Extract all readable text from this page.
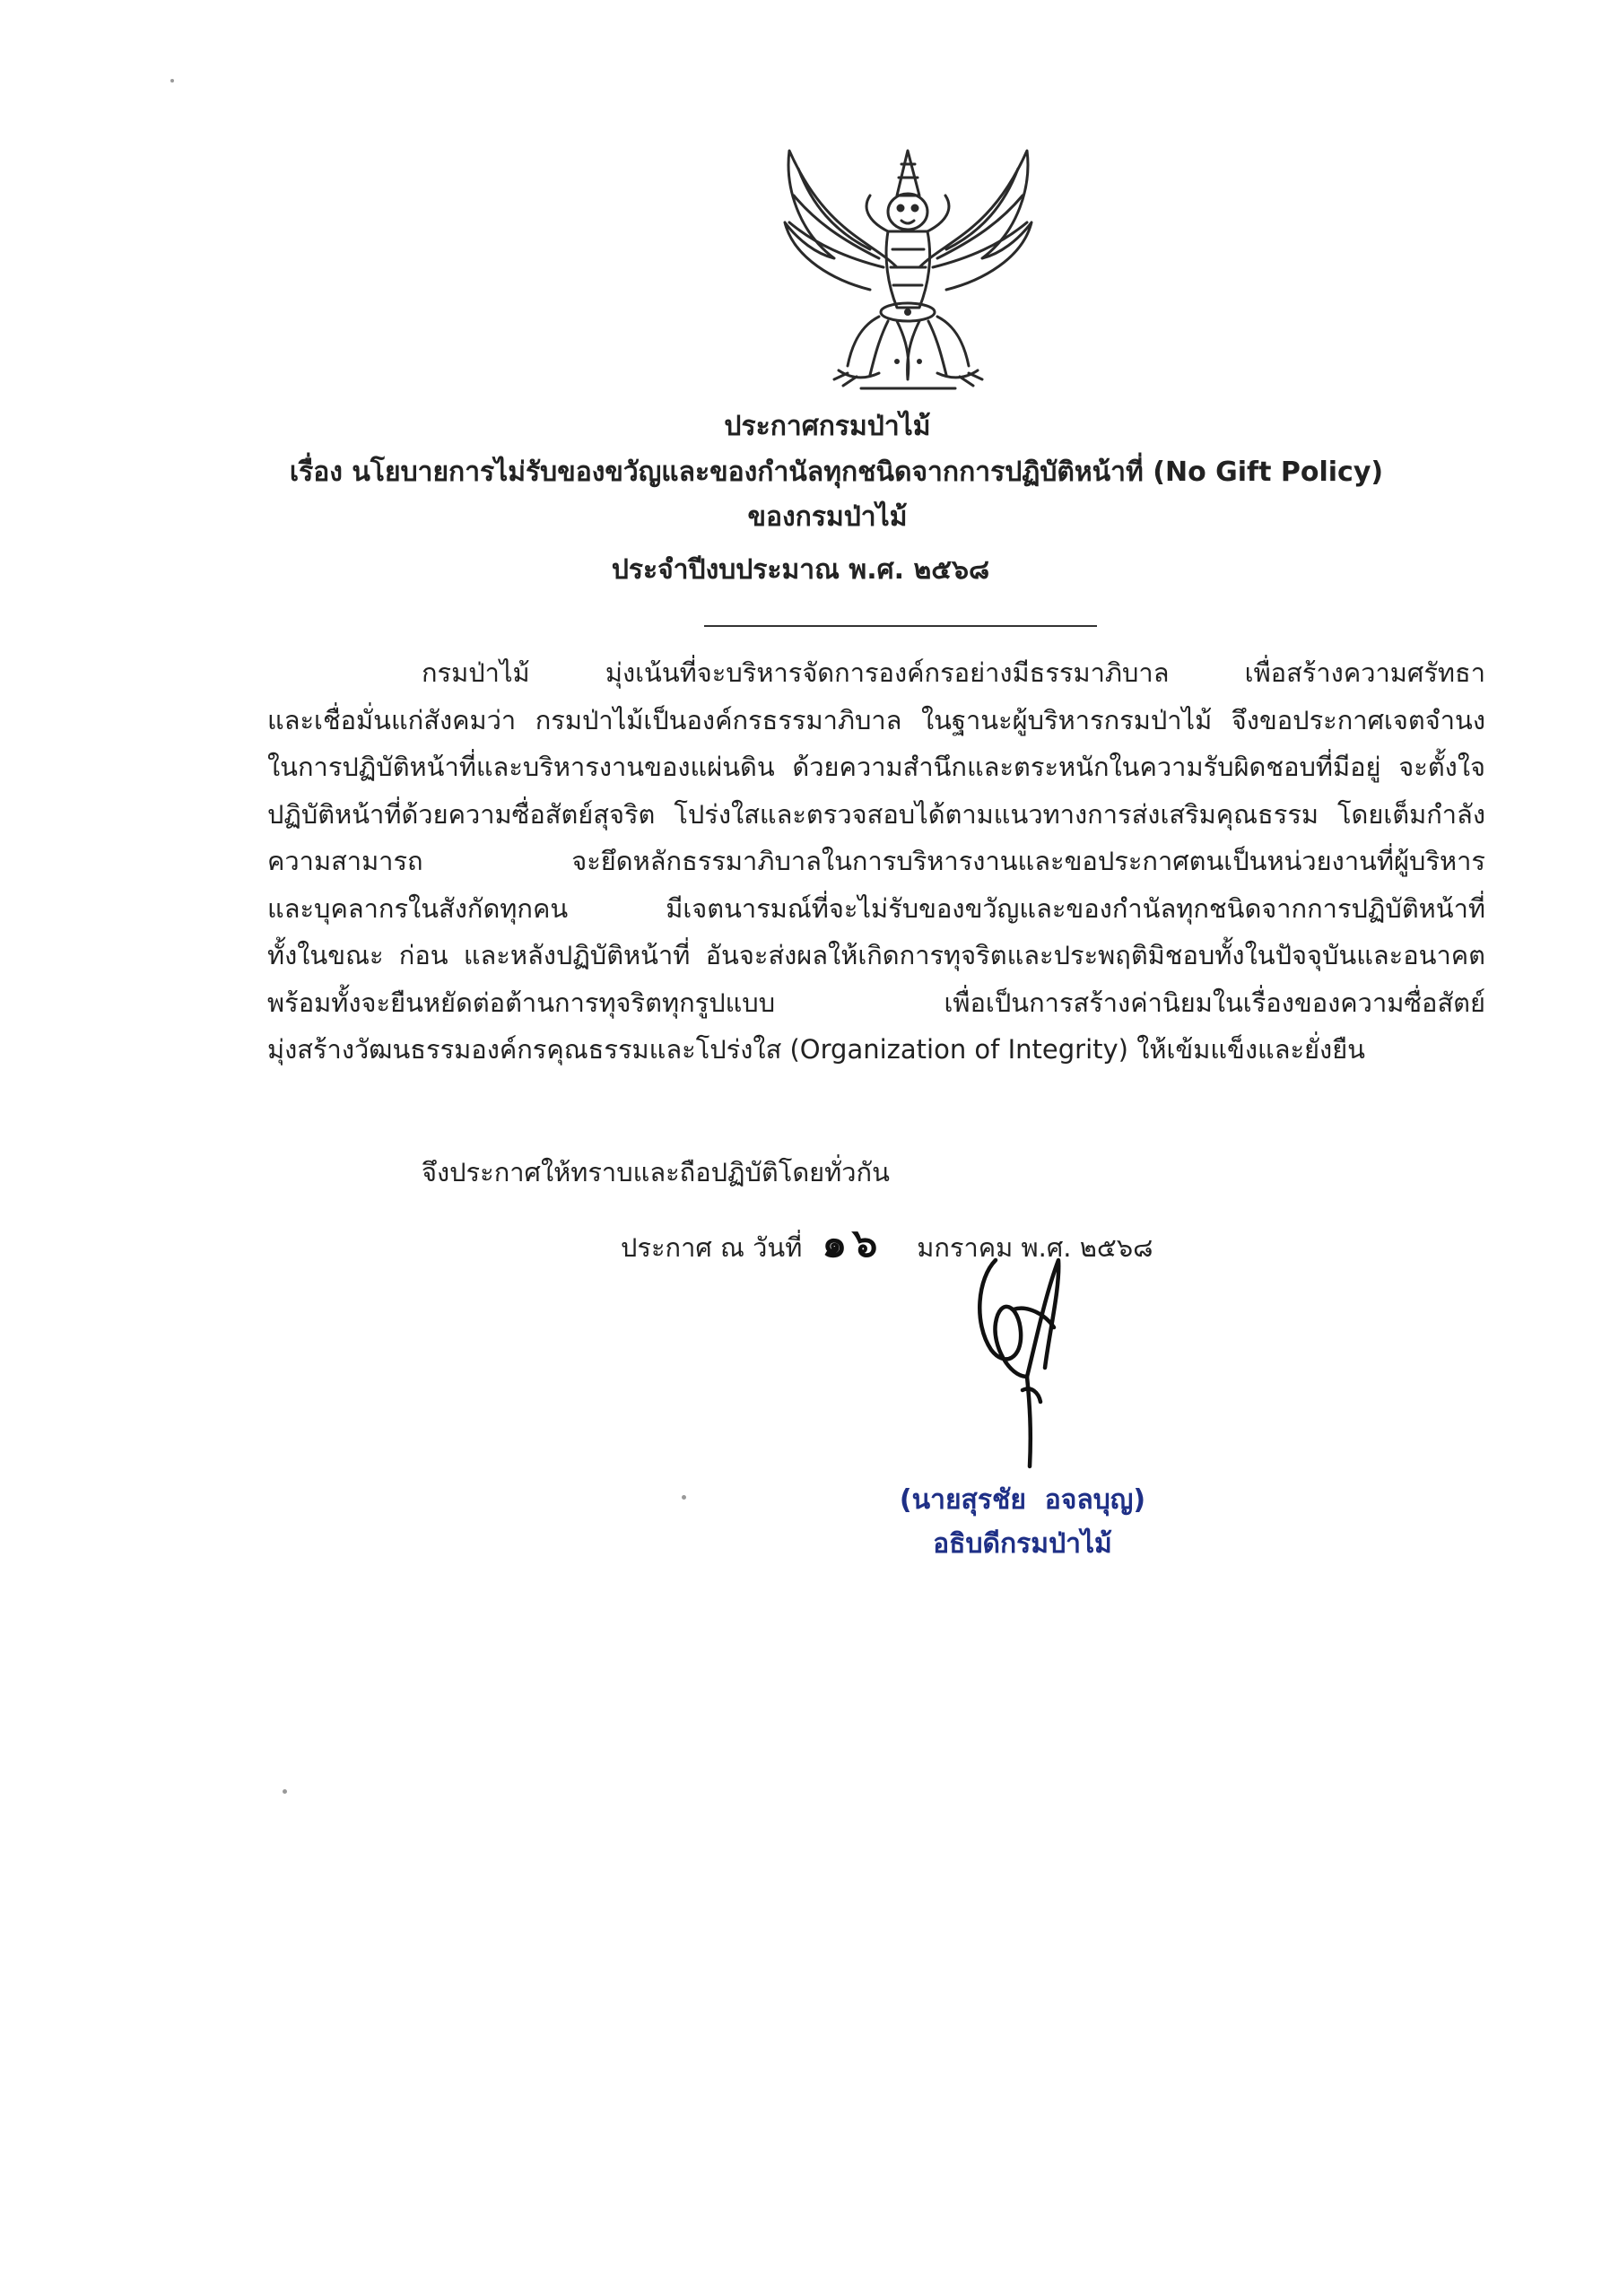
ประกาศกรมป่าไม้
เรื่อง นโยบายการไม่รับของขวัญและของกำนัลทุกชนิดจากการปฏิบัติหน้าที่ (No Gift Policy)
ของกรมป่าไม้
ประจำปีงบประมาณ พ.ศ. ๒๕๖๘
กรมป่าไม้ มุ่งเน้นที่จะบริหารจัดการองค์กรอย่างมีธรรมาภิบาล เพื่อสร้างความศรัทธา
และเชื่อมั่นแก่สังคมว่า กรมป่าไม้เป็นองค์กรธรรมาภิบาล ในฐานะผู้บริหารกรมป่าไม้ จึงขอประกาศเจตจำนง
ในการปฏิบัติหน้าที่และบริหารงานของแผ่นดิน ด้วยความสำนึกและตระหนักในความรับผิดชอบที่มีอยู่ จะตั้งใจ
ปฏิบัติหน้าที่ด้วยความซื่อสัตย์สุจริต โปร่งใสและตรวจสอบได้ตามแนวทางการส่งเสริมคุณธรรม โดยเต็มกำลัง
ความสามารถ จะยึดหลักธรรมาภิบาลในการบริหารงานและขอประกาศตนเป็นหน่วยงานที่ผู้บริหาร
และบุคลากรในสังกัดทุกคน มีเจตนารมณ์ที่จะไม่รับของขวัญและของกำนัลทุกชนิดจากการปฏิบัติหน้าที่
ทั้งในขณะ ก่อน และหลังปฏิบัติหน้าที่ อันจะส่งผลให้เกิดการทุจริตและประพฤติมิชอบทั้งในปัจจุบันและอนาคต
พร้อมทั้งจะยืนหยัดต่อต้านการทุจริตทุกรูปแบบ เพื่อเป็นการสร้างค่านิยมในเรื่องของความซื่อสัตย์
มุ่งสร้างวัฒนธรรมองค์กรคุณธรรมและโปร่งใส (Organization of Integrity) ให้เข้มแข็งและยั่งยืน
จึงประกาศให้ทราบและถือปฏิบัติโดยทั่วกัน
ประกาศ ณ วันที่ ๑๖ มกราคม พ.ศ. ๒๕๖๘
(นายสุรชัย  อจลบุญ)
อธิบดีกรมป่าไม้
